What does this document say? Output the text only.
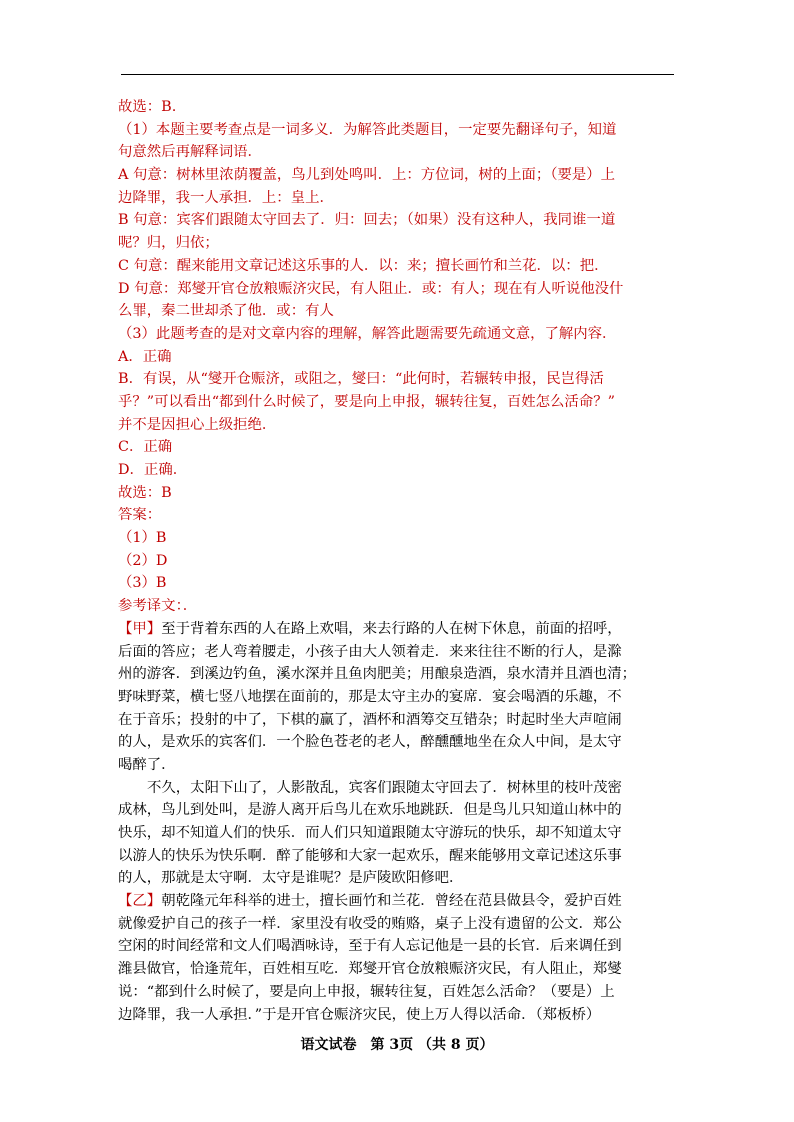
故选：B.
（1）本题主要考查点是一词多义．为解答此类题目，一定要先翻译句子，知道
句意然后再解释词语．
A 句意：树林里浓荫覆盖，鸟儿到处鸣叫．上：方位词，树的上面；（要是）上
边降罪，我一人承担．上：皇上．
B 句意：宾客们跟随太守回去了．归：回去；（如果）没有这种人，我同谁一道
呢？归，归依；
C 句意：醒来能用文章记述这乐事的人．以：来；擅长画竹和兰花．以：把．
D 句意：郑燮开官仓放粮赈济灾民，有人阻止．或：有人；现在有人听说他没什
么罪，秦二世却杀了他．或：有人
（3）此题考查的是对文章内容的理解，解答此题需要先疏通文意，了解内容．
A．正确
B．有误，从“燮开仓赈济，或阻之，燮曰：“此何时，若辗转申报，民岂得活
乎？”可以看出“都到什么时候了，要是向上申报，辗转往复，百姓怎么活命？”
并不是因担心上级拒绝．
C．正确
D．正确．
故选：B
答案：
（1）B
（2）D
（3）B
参考译文：．
【甲】至于背着东西的人在路上欢唱，来去行路的人在树下休息，前面的招呼，
后面的答应；老人弯着腰走，小孩子由大人领着走．来来往往不断的行人，是滁
州的游客．到溪边钓鱼，溪水深并且鱼肉肥美；用酿泉造酒，泉水清并且酒也清；
野味野菜，横七竖八地摆在面前的，那是太守主办的宴席．宴会喝酒的乐趣，不
在于音乐；投射的中了，下棋的赢了，酒杯和酒筹交互错杂；时起时坐大声喧闹
的人，是欢乐的宾客们．一个脸色苍老的老人，醉醺醺地坐在众人中间，是太守
喝醉了．
不久，太阳下山了，人影散乱，宾客们跟随太守回去了．树林里的枝叶茂密
成林，鸟儿到处叫，是游人离开后鸟儿在欢乐地跳跃．但是鸟儿只知道山林中的
快乐，却不知道人们的快乐．而人们只知道跟随太守游玩的快乐，却不知道太守
以游人的快乐为快乐啊．醉了能够和大家一起欢乐，醒来能够用文章记述这乐事
的人，那就是太守啊．太守是谁呢？是庐陵欧阳修吧．
【乙】朝乾隆元年科举的进士，擅长画竹和兰花．曾经在范县做县令，爱护百姓
就像爱护自己的孩子一样．家里没有收受的贿赂，桌子上没有遗留的公文．郑公
空闲的时间经常和文人们喝酒咏诗，至于有人忘记他是一县的长官．后来调任到
潍县做官，恰逢荒年，百姓相互吃．郑燮开官仓放粮赈济灾民，有人阻止，郑燮
说：“都到什么时候了，要是向上申报，辗转往复，百姓怎么活命？（要是）上
边降罪，我一人承担．”于是开官仓赈济灾民，使上万人得以活命．（郑板桥）
语文试卷　第 3页 （共 8 页）
